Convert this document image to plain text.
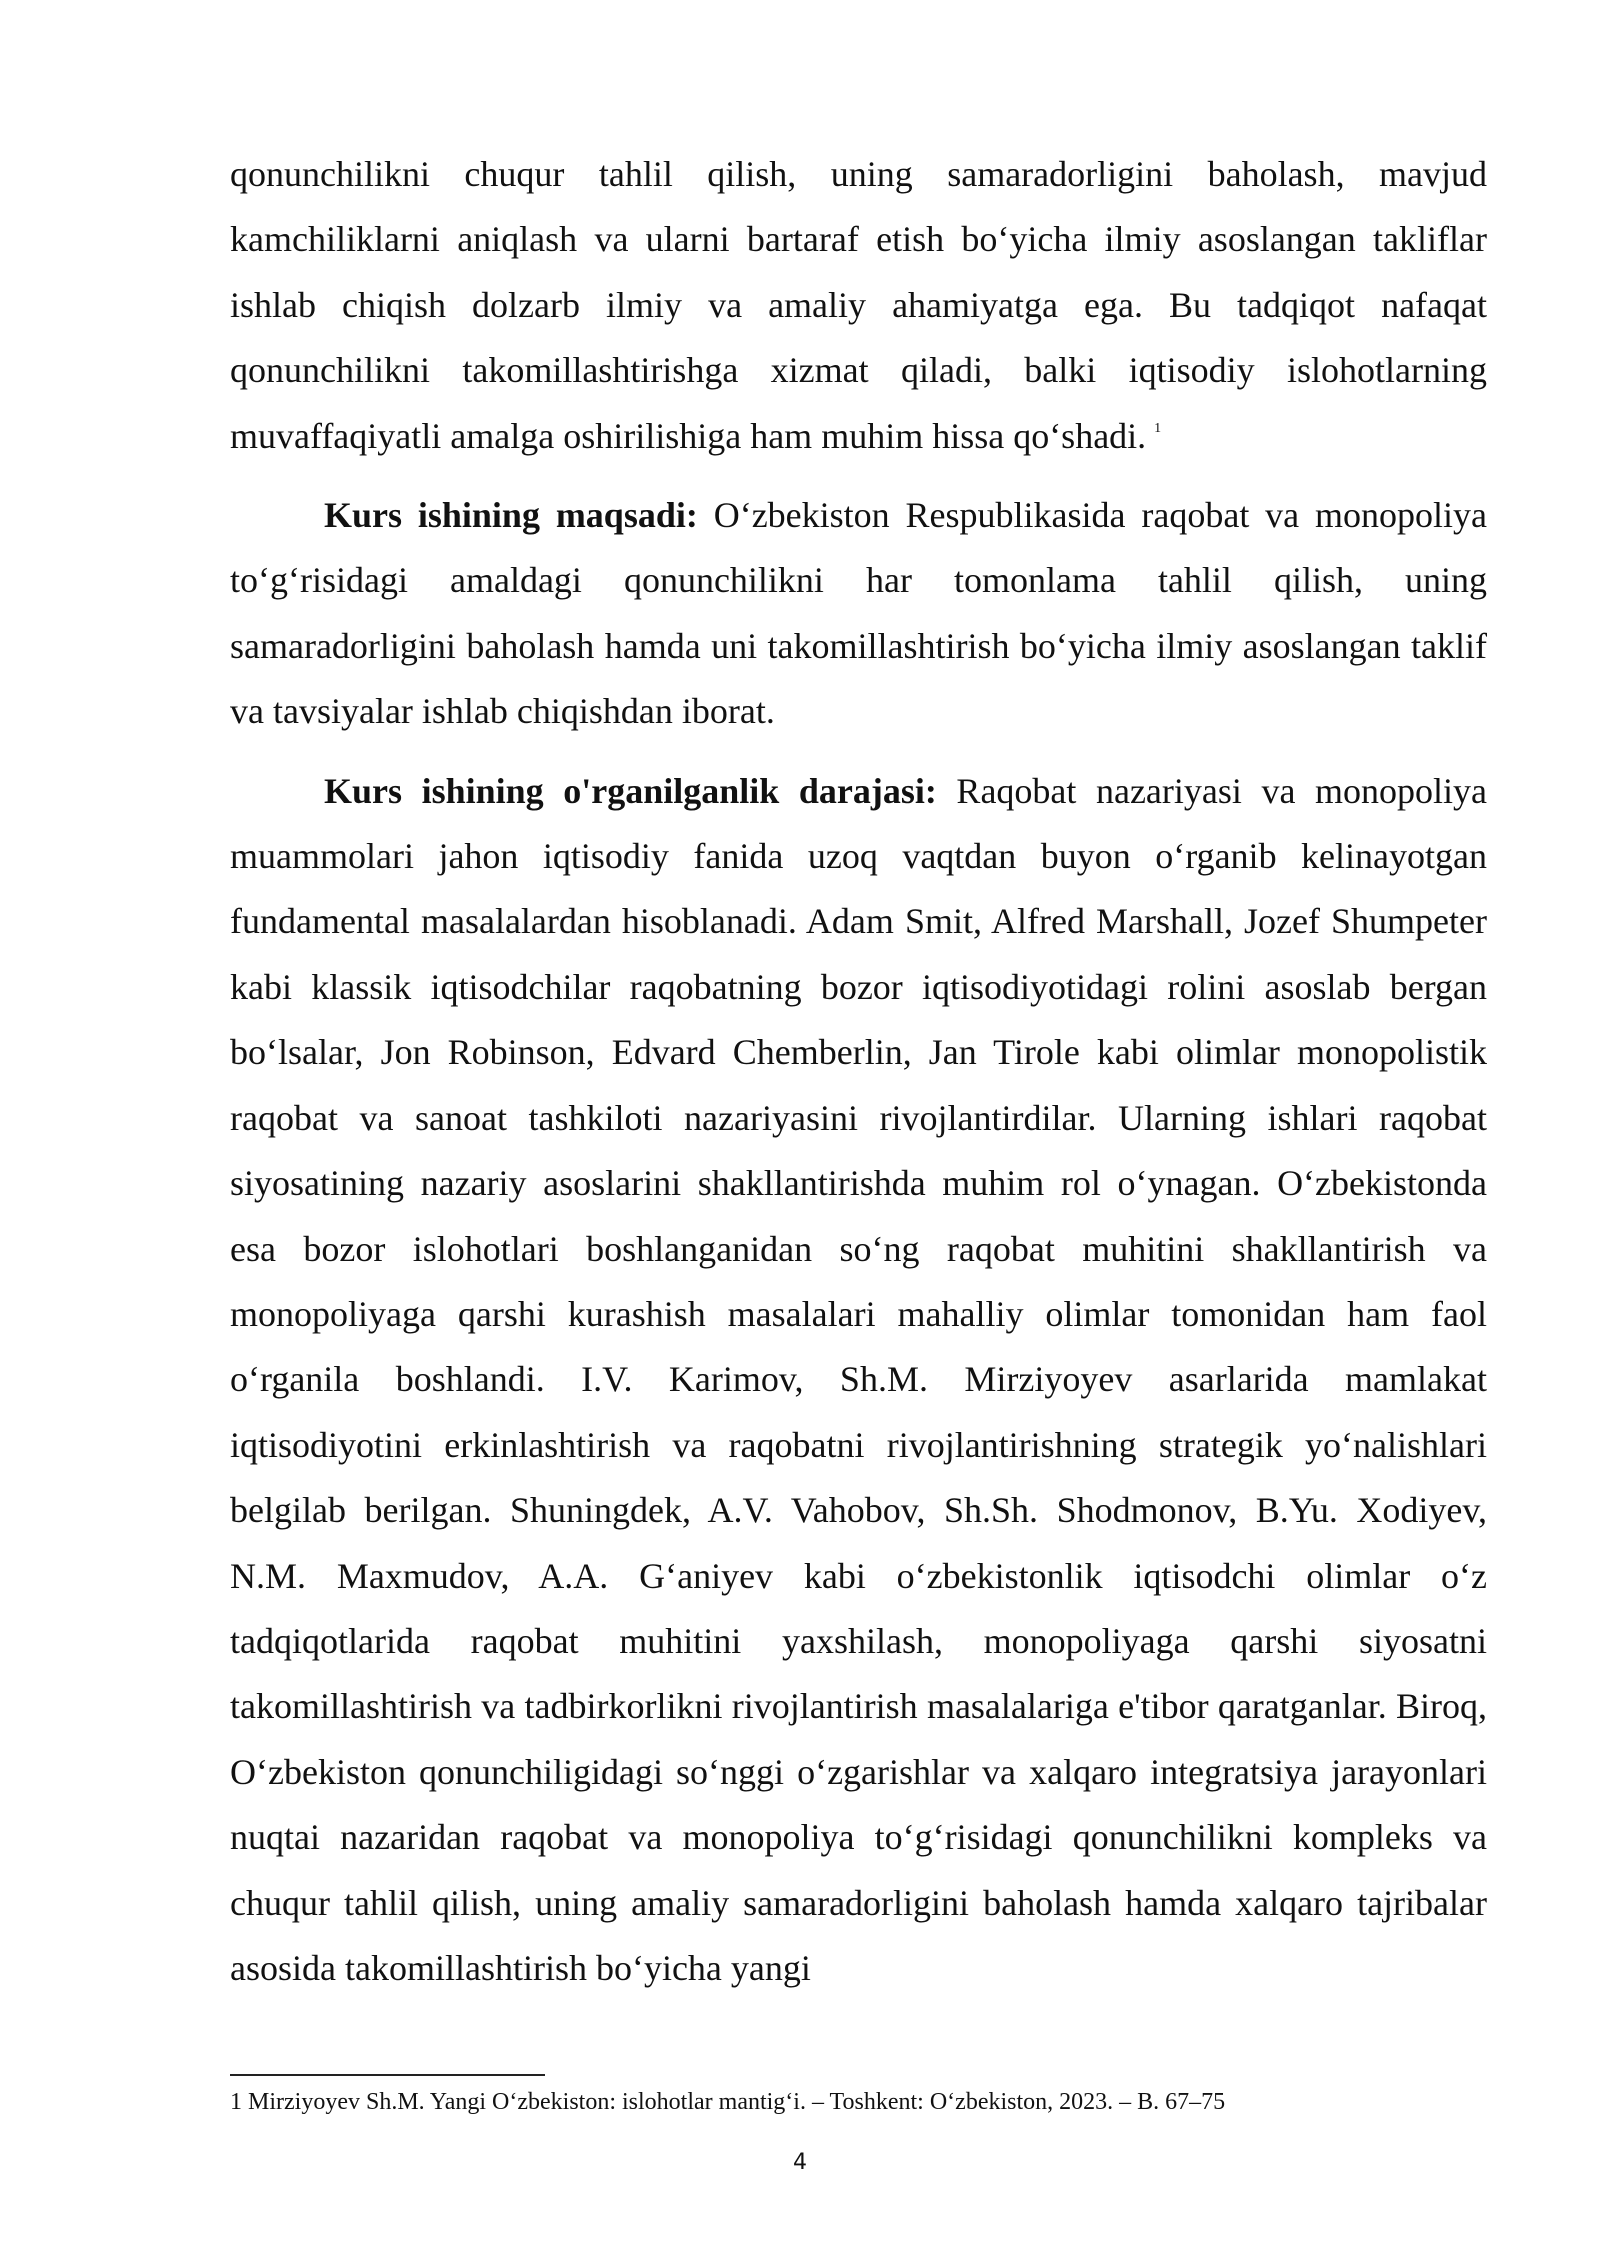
qonunchilikni chuqur tahlil qilish, uning samaradorligini baholash, mavjud kamchiliklarni aniqlash va ularni bartaraf etish bo‘yicha ilmiy asoslangan takliflar ishlab chiqish dolzarb ilmiy va amaliy ahamiyatga ega. Bu tadqiqot nafaqat qonunchilikni takomillashtirishga xizmat qiladi, balki iqtisodiy islohotlarning muvaffaqiyatli amalga oshirilishiga ham muhim hissa qo‘shadi. $^1$

Kurs ishining maqsadi: O‘zbekiston Respublikasida raqobat va monopoliya to‘g‘risidagi amaldagi qonunchilikni har tomonlama tahlil qilish, uning samaradorligini baholash hamda uni takomillashtirish bo‘yicha ilmiy asoslangan taklif va tavsiyalar ishlab chiqishdan iborat.

Kurs ishining o'rganilganlik darajasi: Raqobat nazariyasi va monopoliya muammolari jahon iqtisodiy fanida uzoq vaqtdan buyon o‘rganib kelinayotgan fundamental masalalardan hisoblanadi. Adam Smit, Alfred Marshall, Jozef Shumpeter kabi klassik iqtisodchilar raqobatning bozor iqtisodiyotidagi rolini asoslab bergan bo‘lsalar, Jon Robinson, Edvard Chemberlin, Jan Tirole kabi olimlar monopolistik raqobat va sanoat tashkiloti nazariyasini rivojlantirdilar. Ularning ishlari raqobat siyosatining nazariy asoslarini shakllantirishda muhim rol o‘ynagan. O‘zbekistonda esa bozor islohotlari boshlanganidan so‘ng raqobat muhitini shakllantirish va monopoliyaga qarshi kurashish masalalari mahalliy olimlar tomonidan ham faol o‘rganila boshlandi. I.V. Karimov, Sh.M. Mirziyoyev asarlarida mamlakat iqtisodiyotini erkinlashtirish va raqobatni rivojlantirishning strategik yo‘nalishlari belgilab berilgan. Shuningdek, A.V. Vahobov, Sh.Sh. Shodmonov, B.Yu. Xodiyev, N.M. Maxmudov, A.A. G‘aniyev kabi o‘zbekistonlik iqtisodchi olimlar o‘z tadqiqotlarida raqobat muhitini yaxshilash, monopoliyaga qarshi siyosatni takomillashtirish va tadbirkorlikni rivojlantirish masalalariga e'tibor qaratganlar. Biroq, O‘zbekiston qonunchiligidagi so‘nggi o‘zgarishlar va xalqaro integratsiya jarayonlari nuqtai nazaridan raqobat va monopoliya to‘g‘risidagi qonunchilikni kompleks va chuqur tahlil qilish, uning amaliy samaradorligini baholash hamda xalqaro tajribalar asosida takomillashtirish bo‘yicha yangi

1 Mirziyoyev Sh.M. Yangi O‘zbekiston: islohotlar mantig‘i. – Toshkent: O‘zbekiston, 2023. – B. 67–75
4
